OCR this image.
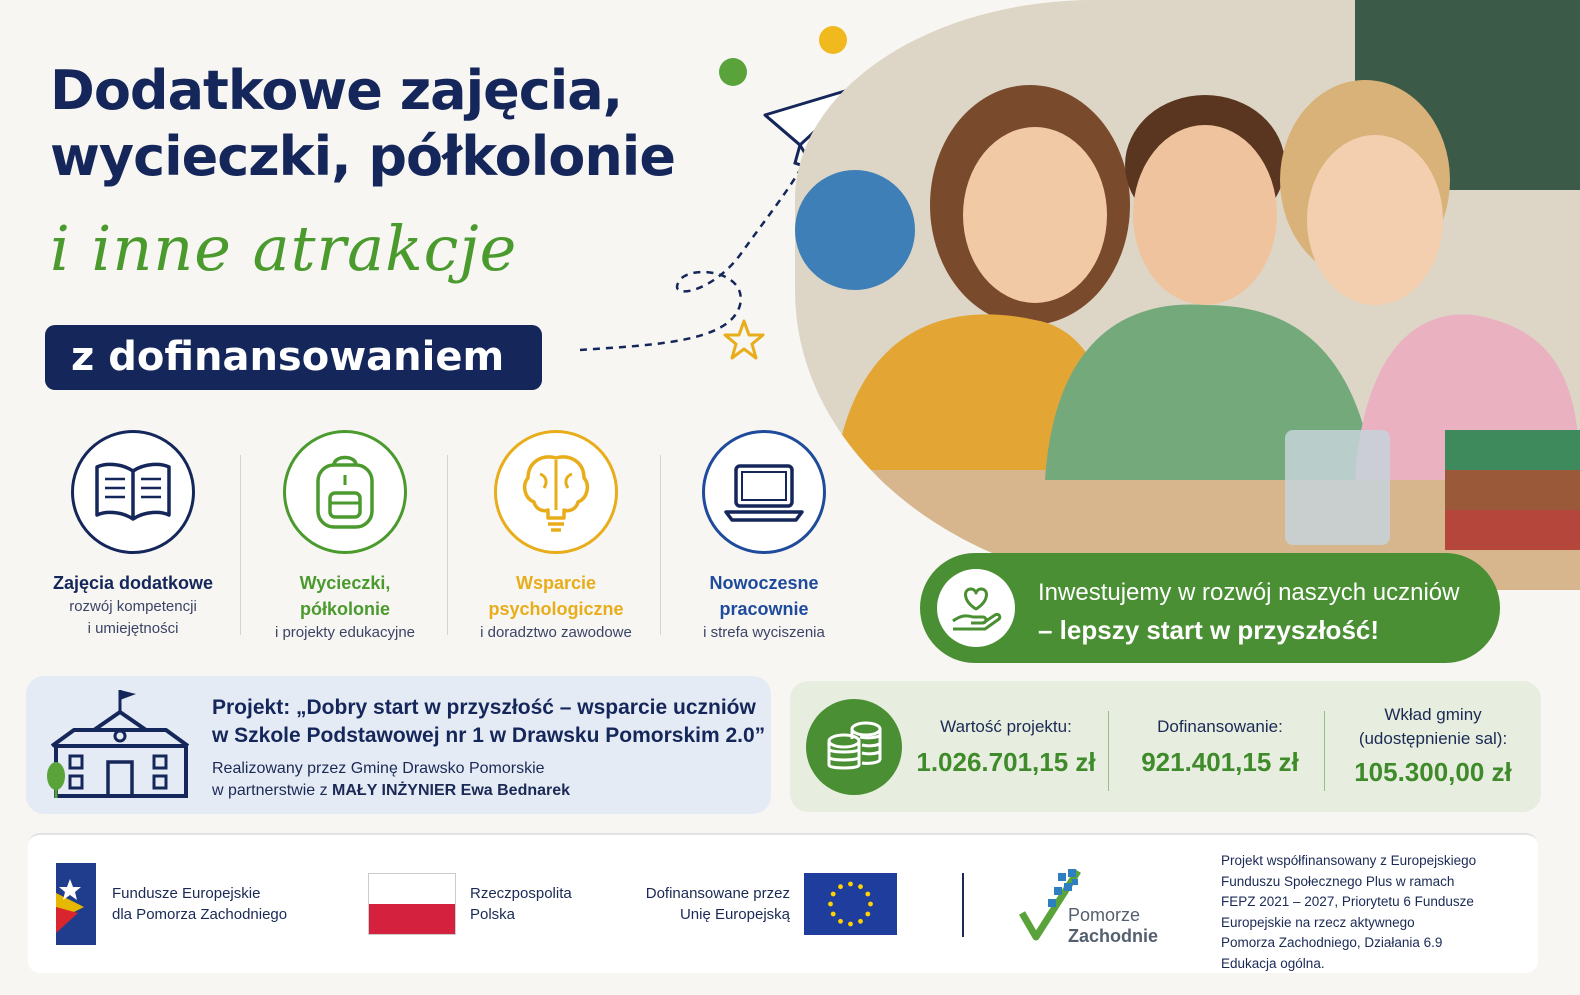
Dodatkowe zajęcia,
wycieczki, półkolonie
i inne atrakcje
z dofinansowaniem
Zajęcia dodatkowe
rozwój kompetencji
i umiejętności
Wycieczki,
półkolonie
i projekty edukacyjne
Wsparcie
psychologiczne
i doradztwo zawodowe
Nowoczesne
pracownie
i strefa wyciszenia
Inwestujemy w rozwój naszych uczniów
– lepszy start w przyszłość!
Projekt: „Dobry start w przyszłość – wsparcie uczniów
w Szkole Podstawowej nr 1 w Drawsku Pomorskim 2.0”
Realizowany przez Gminę Drawsko Pomorskie
w partnerstwie z MAŁY INŻYNIER Ewa Bednarek
Wartość projektu:
1.026.701,15 zł
Dofinansowanie:
921.401,15 zł
Wkład gminy
(udostępnienie sal):
105.300,00 zł
Fundusze Europejskie
dla Pomorza Zachodniego
Rzeczpospolita
Polska
Dofinansowane przez
Unię Europejską	Pomorze
Zachodnie
Projekt współfinansowany z Europejskiego
Funduszu Społecznego Plus w ramach
FEPZ 2021 – 2027, Priorytetu 6 Fundusze
Europejskie na rzecz aktywnego
Pomorza Zachodniego, Działania 6.9
Edukacja ogólna.
